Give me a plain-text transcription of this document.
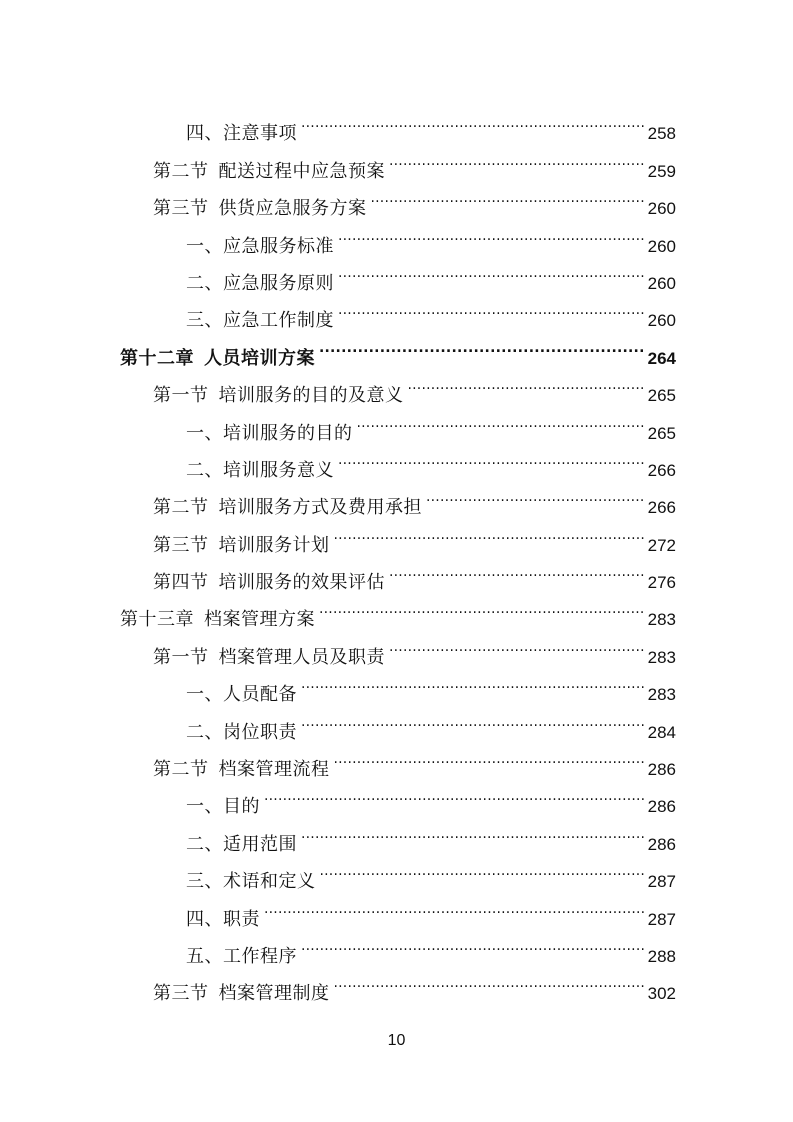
四、注意事项 .....	258
第二节 配送过程中应急预案 .....	259
第三节 供货应急服务方案 .....	260
一、应急服务标准 .....	260
二、应急服务原则 .....	260
三、应急工作制度 .....	260
第十二章 人员培训方案 .....	264
第一节 培训服务的目的及意义 .....	265
一、培训服务的目的 .....	265
二、培训服务意义 .....	266
第二节 培训服务方式及费用承担 .....	266
第三节 培训服务计划 .....	272
第四节 培训服务的效果评估 .....	276
第十三章 档案管理方案 .....	283
第一节 档案管理人员及职责 .....	283
一、人员配备 .....	283
二、岗位职责 .....	284
第二节 档案管理流程 .....	286
一、目的 .....	286
二、适用范围 .....	286
三、术语和定义 .....	287
四、职责 .....	287
五、工作程序 .....	288
第三节 档案管理制度 .....	302
10
